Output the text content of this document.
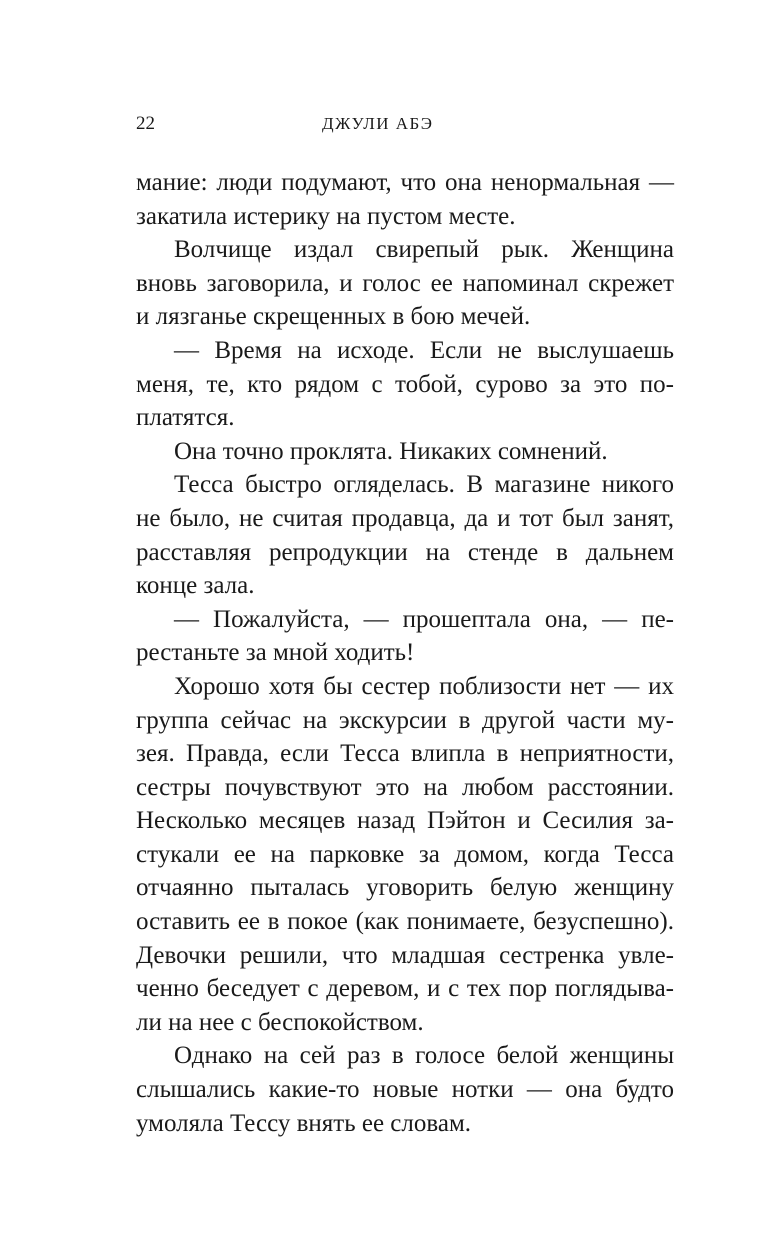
22	ДЖУЛИ АБЭ
мание: люди подумают, что она ненормальная —
закатила истерику на пустом месте.
Волчище издал свирепый рык. Женщина
вновь заговорила, и голос ее напоминал скрежет
и лязганье скрещенных в бою мечей.
— Время на исходе. Если не выслушаешь
меня, те, кто рядом с тобой, сурово за это по-
платятся.
Она точно проклята. Никаких сомнений.
Тесса быстро огляделась. В магазине никого
не было, не считая продавца, да и тот был занят,
расставляя репродукции на стенде в дальнем
конце зала.
— Пожалуйста, — прошептала она, — пе-
рестаньте за мной ходить!
Хорошо хотя бы сестер поблизости нет — их
группа сейчас на экскурсии в другой части му-
зея. Правда, если Тесса влипла в неприятности,
сестры почувствуют это на любом расстоянии.
Несколько месяцев назад Пэйтон и Сесилия за-
стукали ее на парковке за домом, когда Тесса
отчаянно пыталась уговорить белую женщину
оставить ее в покое (как понимаете, безуспешно).
Девочки решили, что младшая сестренка увле-
ченно беседует с деревом, и с тех пор поглядыва-
ли на нее с беспокойством.
Однако на сей раз в голосе белой женщины
слышались какие-то новые нотки — она будто
умоляла Тессу внять ее словам.
